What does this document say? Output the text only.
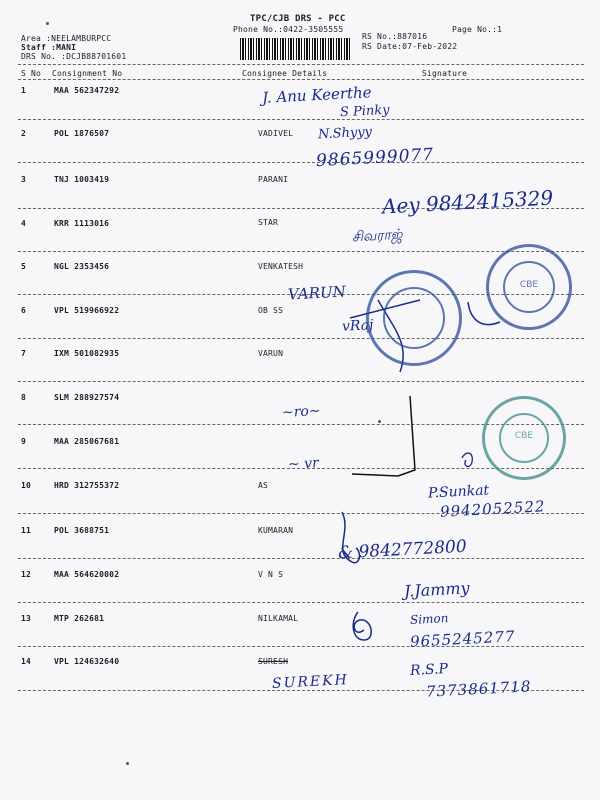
TPC/CJB DRS - PCC
Phone No.:0422-3505555	Page No.:1
Area :NEELAMBURPCC
Staff :MANI
DRS No. :DCJB88701601
RS No.:887016
RS Date:07-Feb-2022
S No Consignment No	Consignee Details	Signature
1	MAA 562347292
2	POL 1876507	VADIVEL
3	TNJ 1003419	PARANI
4	KRR 1113016	STAR
5	NGL 2353456	VENKATESH
6	VPL 519966922	OB SS
7	IXM 501082935	VARUN
8	SLM 288927574
9	MAA 285067681
10	HRD 312755372	AS
11	POL 3688751	KUMARAN
12	MAA 564620002	V N S
13	MTP 262681	NILKAMAL
14	VPL 124632640	SURESH
J. Anu Keerthe
S Pinky
N.Shyyy
9865999077
Aey 9842415329
சிவராஜ்
VARUN
vRaj
~ro~
~ vr
P.Sunkat
9942052522
& 9842772800
J.Jammy
Simon
9655245277
SUREKH
R.S.P
7373861718
CBE
CBE
